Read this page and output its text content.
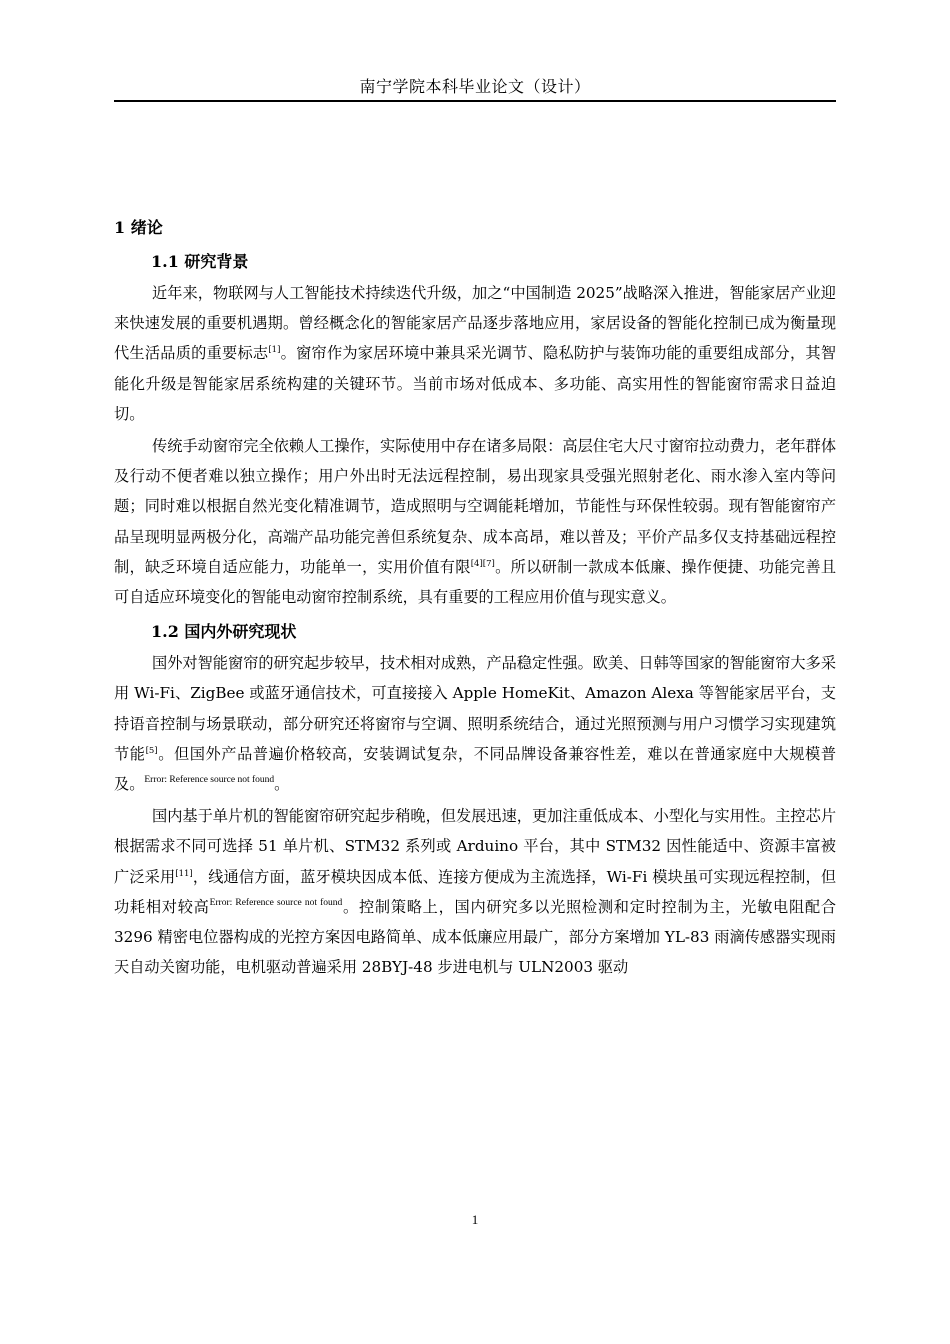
南宁学院本科毕业论文（设计）
1 绪论
1.1 研究背景

近年来，物联网与人工智能技术持续迭代升级，加之“中国制造 2025”战略深入推进，智能家居产业迎来快速发展的重要机遇期。曾经概念化的智能家居产品逐步落地应用，家居设备的智能化控制已成为衡量现代生活品质的重要标志[1]。窗帘作为家居环境中兼具采光调节、隐私防护与装饰功能的重要组成部分，其智能化升级是智能家居系统构建的关键环节。当前市场对低成本、多功能、高实用性的智能窗帘需求日益迫切。

传统手动窗帘完全依赖人工操作，实际使用中存在诸多局限：高层住宅大尺寸窗帘拉动费力，老年群体及行动不便者难以独立操作；用户外出时无法远程控制，易出现家具受强光照射老化、雨水渗入室内等问题；同时难以根据自然光变化精准调节，造成照明与空调能耗增加，节能性与环保性较弱。现有智能窗帘产品呈现明显两极分化，高端产品功能完善但系统复杂、成本高昂，难以普及；平价产品多仅支持基础远程控制，缺乏环境自适应能力，功能单一，实用价值有限[4][7]。所以研制一款成本低廉、操作便捷、功能完善且可自适应环境变化的智能电动窗帘控制系统，具有重要的工程应用价值与现实意义。

1.2 国内外研究现状

国外对智能窗帘的研究起步较早，技术相对成熟，产品稳定性强。欧美、日韩等国家的智能窗帘大多采用 Wi-Fi、ZigBee 或蓝牙通信技术，可直接接入 Apple HomeKit、Amazon Alexa 等智能家居平台，支持语音控制与场景联动，部分研究还将窗帘与空调、照明系统结合，通过光照预测与用户习惯学习实现建筑节能[5]。但国外产品普遍价格较高，安装调试复杂，不同品牌设备兼容性差，难以在普通家庭中大规模普及。$^{Error: Reference source not found}$。

国内基于单片机的智能窗帘研究起步稍晚，但发展迅速，更加注重低成本、小型化与实用性。主控芯片根据需求不同可选择 51 单片机、STM32 系列或 Arduino 平台，其中 STM32 因性能适中、资源丰富被广泛采用[11]，线通信方面，蓝牙模块因成本低、连接方便成为主流选择，Wi-Fi 模块虽可实现远程控制，但功耗相对较高$^{Error: Reference source not found}$。控制策略上，国内研究多以光照检测和定时控制为主，光敏电阻配合 3296 精密电位器构成的光控方案因电路简单、成本低廉应用最广，部分方案增加 YL-83 雨滴传感器实现雨天自动关窗功能，电机驱动普遍采用 28BYJ-48 步进电机与 ULN2003 驱动

1
